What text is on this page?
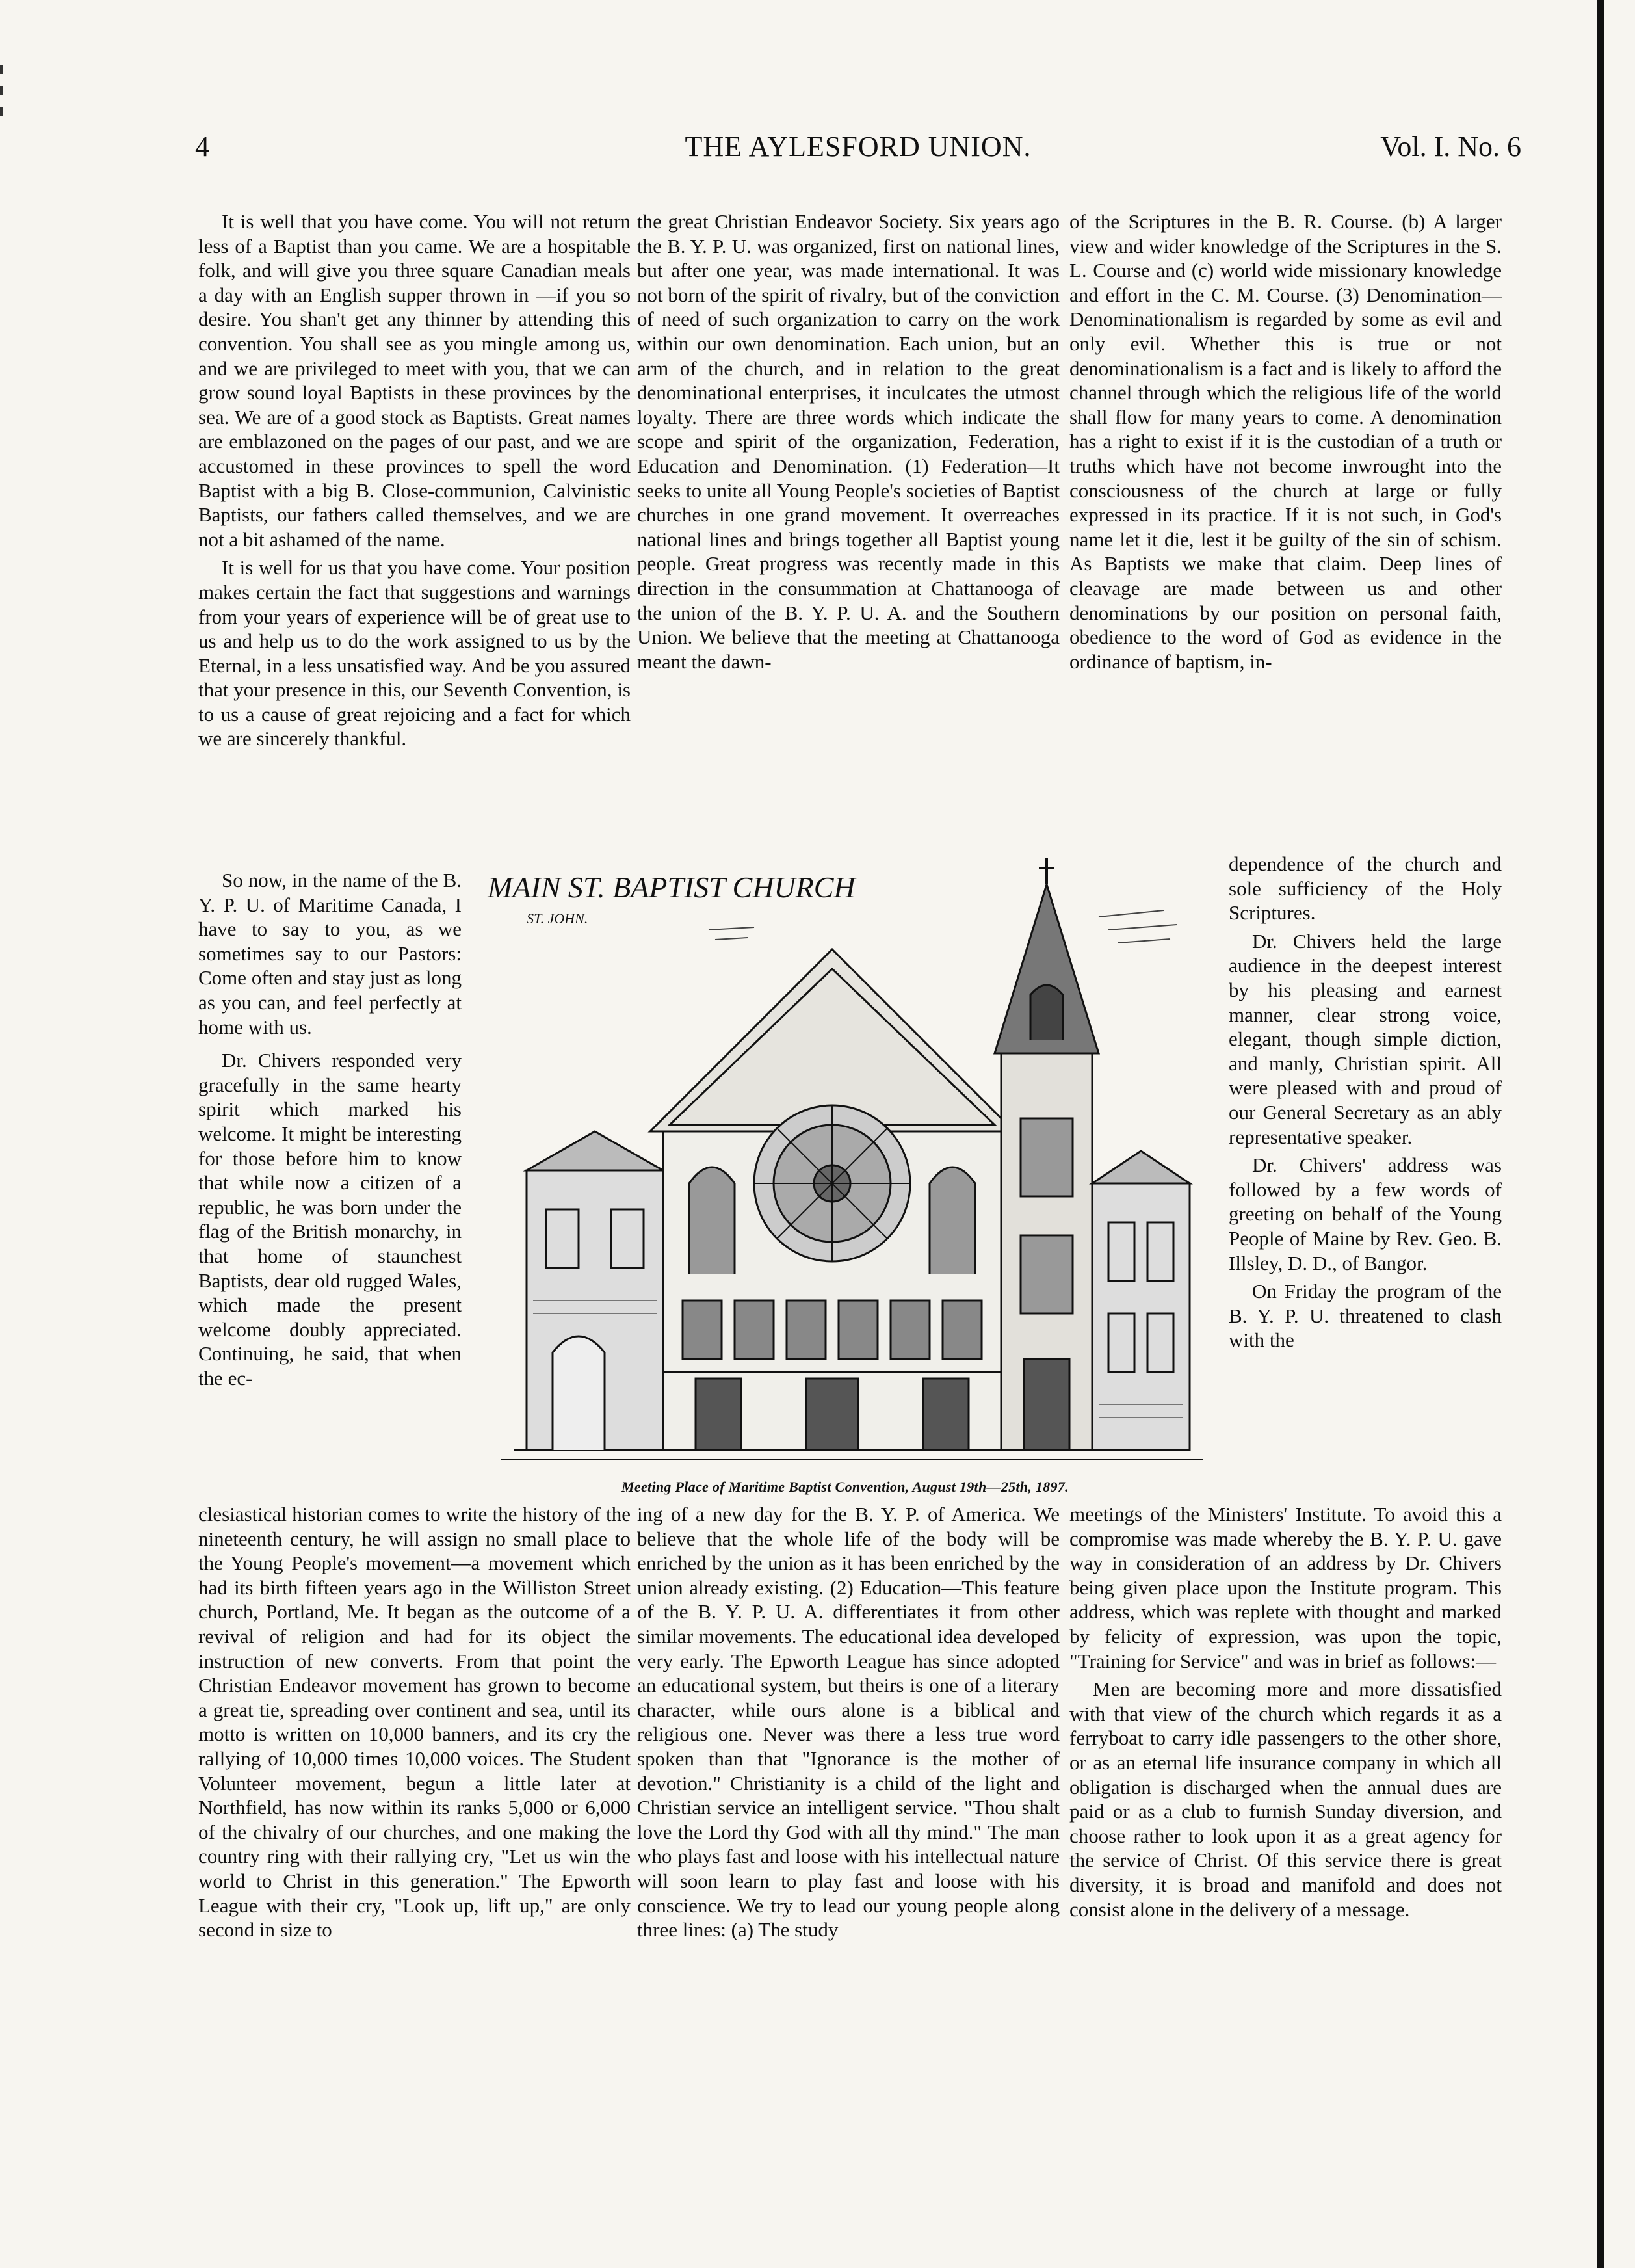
4	THE AYLESFORD UNION.	Vol. I. No. 6

It is well that you have come. You will not return less of a Baptist than you came. We are a hospitable folk, and will give you three square Canadian meals a day with an English supper thrown in —if you so desire. You shan't get any thinner by attending this convention. You shall see as you mingle among us, and we are privileged to meet with you, that we can grow sound loyal Baptists in these provinces by the sea. We are of a good stock as Baptists. Great names are emblazoned on the pages of our past, and we are accustomed in these provinces to spell the word Baptist with a big B. Close-communion, Calvinistic Baptists, our fathers called themselves, and we are not a bit ashamed of the name.

It is well for us that you have come. Your position makes certain the fact that suggestions and warnings from your years of experience will be of great use to us and help us to do the work assigned to us by the Eternal, in a less unsatisfied way. And be you assured that your presence in this, our Seventh Convention, is to us a cause of great rejoicing and a fact for which we are sincerely thankful.

the great Christian Endeavor Society. Six years ago the B. Y. P. U. was organized, first on national lines, but after one year, was made international. It was not born of the spirit of rivalry, but of the conviction of need of such organization to carry on the work within our own denomination. Each union, but an arm of the church, and in relation to the great denominational enterprises, it inculcates the utmost loyalty. There are three words which indicate the scope and spirit of the organization, Federation, Education and Denomination. (1) Federation—It seeks to unite all Young People's societies of Baptist churches in one grand movement. It overreaches national lines and brings together all Baptist young people. Great progress was recently made in this direction in the consummation at Chattanooga of the union of the B. Y. P. U. A. and the Southern Union. We believe that the meeting at Chattanooga meant the dawn-

of the Scriptures in the B. R. Course. (b) A larger view and wider knowledge of the Scriptures in the S. L. Course and (c) world wide missionary knowledge and effort in the C. M. Course. (3) Denomination—Denominationalism is regarded by some as evil and only evil. Whether this is true or not denominationalism is a fact and is likely to afford the channel through which the religious life of the world shall flow for many years to come. A denomination has a right to exist if it is the custodian of a truth or truths which have not become inwrought into the consciousness of the church at large or fully expressed in its practice. If it is not such, in God's name let it die, lest it be guilty of the sin of schism. As Baptists we make that claim. Deep lines of cleavage are made between us and other denominations by our position on personal faith, obedience to the word of God as evidence in the ordinance of baptism, in-

So now, in the name of the B. Y. P. U. of Maritime Canada, I have to say to you, as we sometimes say to our Pastors: Come often and stay just as long as you can, and feel perfectly at home with us.

Dr. Chivers responded very gracefully in the same hearty spirit which marked his welcome. It might be interesting for those before him to know that while now a citizen of a republic, he was born under the flag of the British monarchy, in that home of staunchest Baptists, dear old rugged Wales, which made the present welcome doubly appreciated. Continuing, he said, that when the ec-

MAIN ST. BAPTIST CHURCH
ST. JOHN.
Meeting Place of Maritime Baptist Convention, August 19th—25th, 1897.

dependence of the church and sole sufficiency of the Holy Scriptures.

Dr. Chivers held the large audience in the deepest interest by his pleasing and earnest manner, clear strong voice, elegant, though simple diction, and manly, Christian spirit. All were pleased with and proud of our General Secretary as an ably representative speaker.

Dr. Chivers' address was followed by a few words of greeting on behalf of the Young People of Maine by Rev. Geo. B. Illsley, D. D., of Bangor.

On Friday the program of the B. Y. P. U. threatened to clash with the

clesiastical historian comes to write the history of the nineteenth century, he will assign no small place to the Young People's movement—a movement which had its birth fifteen years ago in the Williston Street church, Portland, Me. It began as the outcome of a revival of religion and had for its object the instruction of new converts. From that point the Christian Endeavor movement has grown to become a great tie, spreading over continent and sea, until its motto is written on 10,000 banners, and its cry the rallying of 10,000 times 10,000 voices. The Student Volunteer movement, begun a little later at Northfield, has now within its ranks 5,000 or 6,000 of the chivalry of our churches, and one making the country ring with their rallying cry, "Let us win the world to Christ in this generation." The Epworth League with their cry, "Look up, lift up," are only second in size to

ing of a new day for the B. Y. P. of America. We believe that the whole life of the body will be enriched by the union as it has been enriched by the union already existing. (2) Education—This feature of the B. Y. P. U. A. differentiates it from other similar movements. The educational idea developed very early. The Epworth League has since adopted an educational system, but theirs is one of a literary character, while ours alone is a biblical and religious one. Never was there a less true word spoken than that "Ignorance is the mother of devotion." Christianity is a child of the light and Christian service an intelligent service. "Thou shalt love the Lord thy God with all thy mind." The man who plays fast and loose with his intellectual nature will soon learn to play fast and loose with his conscience. We try to lead our young people along three lines: (a) The study

meetings of the Ministers' Institute. To avoid this a compromise was made whereby the B. Y. P. U. gave way in consideration of an address by Dr. Chivers being given place upon the Institute program. This address, which was replete with thought and marked by felicity of expression, was upon the topic, "Training for Service" and was in brief as follows:—

Men are becoming more and more dissatisfied with that view of the church which regards it as a ferryboat to carry idle passengers to the other shore, or as an eternal life insurance company in which all obligation is discharged when the annual dues are paid or as a club to furnish Sunday diversion, and choose rather to look upon it as a great agency for the service of Christ. Of this service there is great diversity, it is broad and manifold and does not consist alone in the delivery of a message.
